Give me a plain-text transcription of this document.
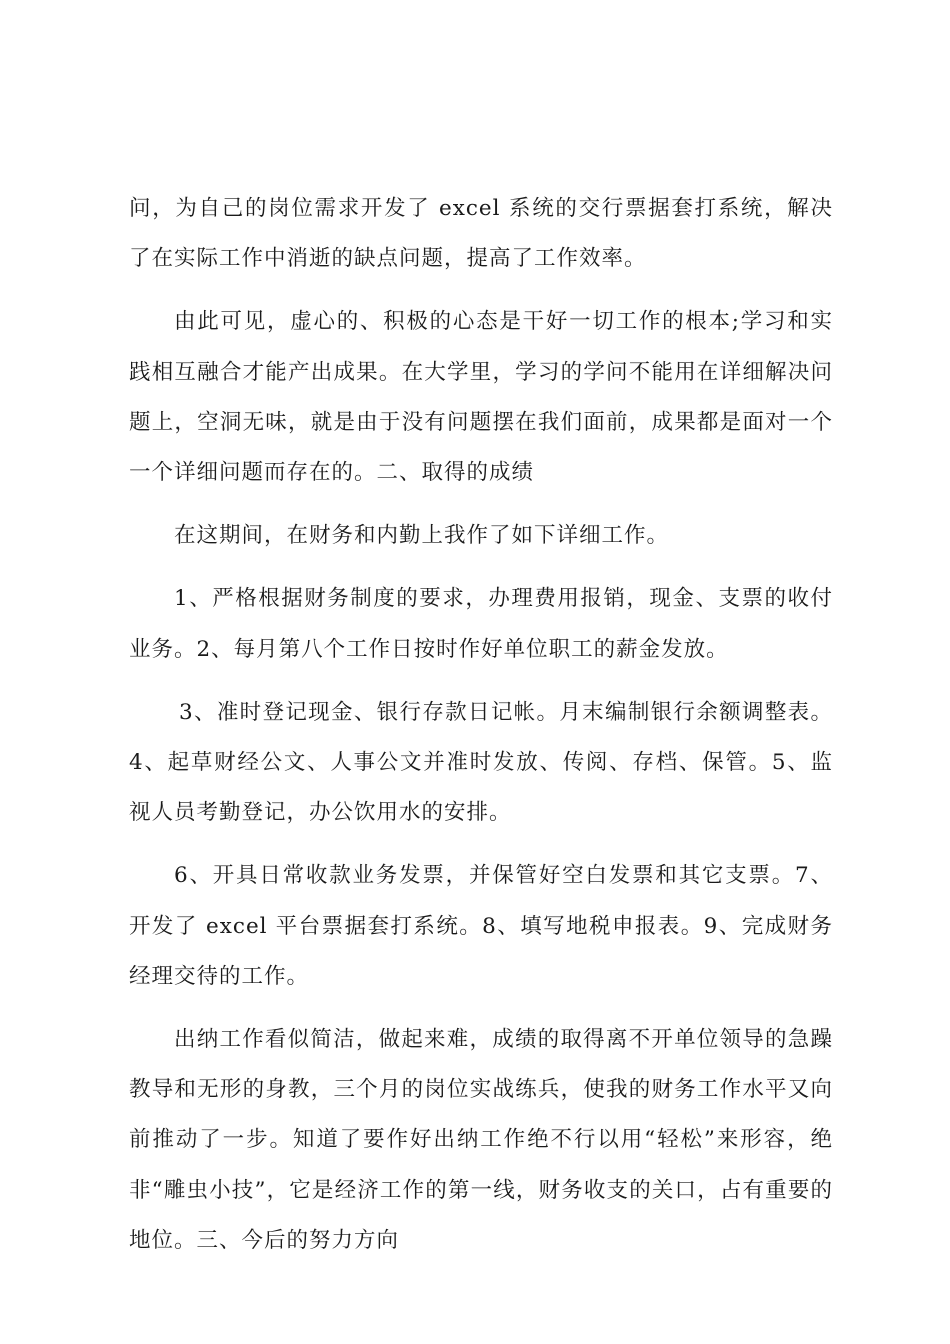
问，为自己的岗位需求开发了 excel 系统的交行票据套打系统，解决了在实际工作中消逝的缺点问题，提高了工作效率。

由此可见，虚心的、积极的心态是干好一切工作的根本;学习和实践相互融合才能产出成果。在大学里，学习的学问不能用在详细解决问题上，空洞无味，就是由于没有问题摆在我们面前，成果都是面对一个一个详细问题而存在的。二、取得的成绩

在这期间，在财务和内勤上我作了如下详细工作。

1、严格根据财务制度的要求，办理费用报销，现金、支票的收付业务。2、每月第八个工作日按时作好单位职工的薪金发放。

3、准时登记现金、银行存款日记帐。月末编制银行余额调整表。4、起草财经公文、人事公文并准时发放、传阅、存档、保管。5、监视人员考勤登记，办公饮用水的安排。

6、开具日常收款业务发票，并保管好空白发票和其它支票。7、开发了 excel 平台票据套打系统。8、填写地税申报表。9、完成财务经理交待的工作。

出纳工作看似简洁，做起来难，成绩的取得离不开单位领导的急躁教导和无形的身教，三个月的岗位实战练兵，使我的财务工作水平又向前推动了一步。知道了要作好出纳工作绝不行以用“轻松”来形容，绝非“雕虫小技”，它是经济工作的第一线，财务收支的关口，占有重要的地位。三、今后的努力方向
